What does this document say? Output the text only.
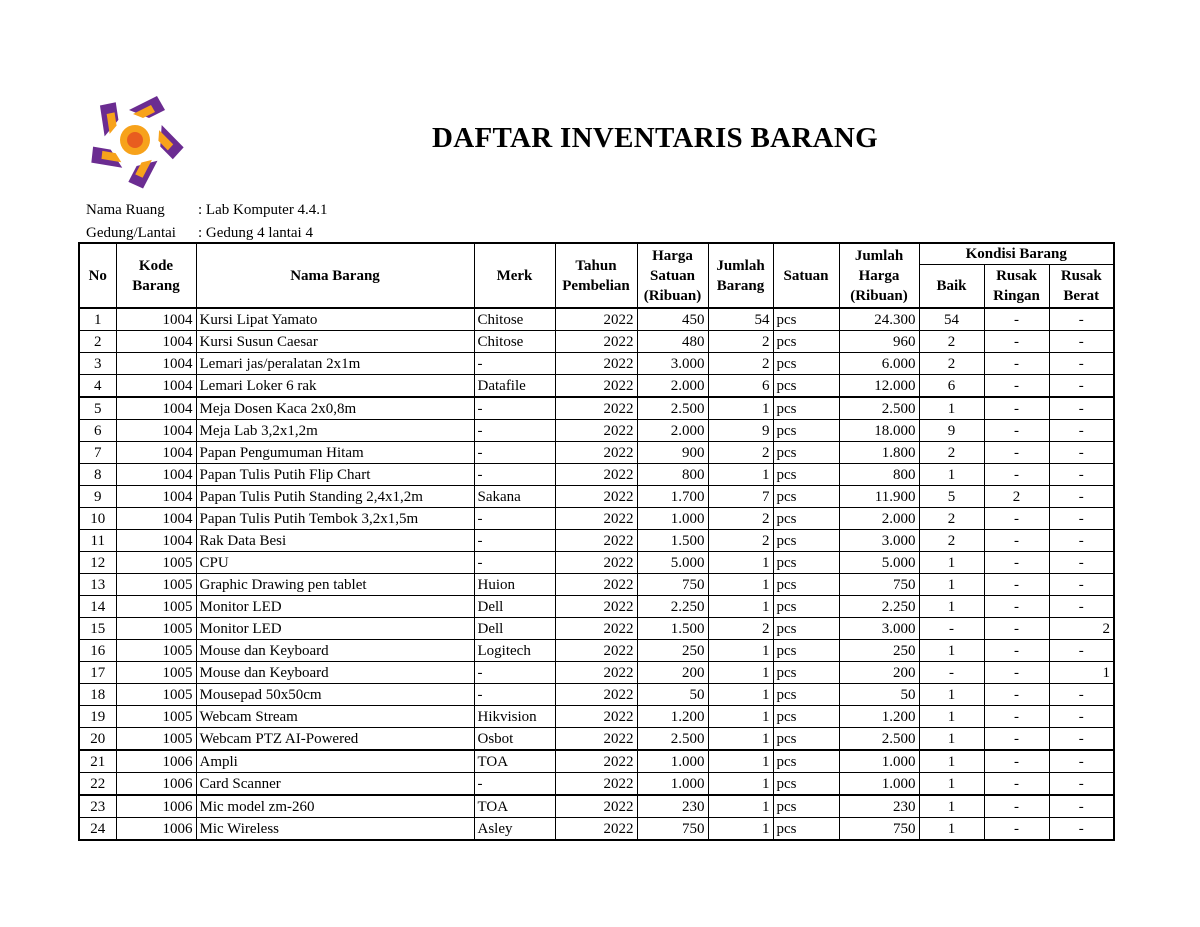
DAFTAR INVENTARIS BARANG
Nama Ruang : Lab Komputer 4.4.1
Gedung/Lantai : Gedung 4 lantai 4
No	Kode Barang	Nama Barang	Merk	Tahun Pembelian	Harga Satuan (Ribuan)	Jumlah Barang	Satuan	Jumlah Harga (Ribuan)	Kondisi Barang		
									Baik	Rusak Ringan	Rusak Berat
1	1004	Kursi Lipat Yamato	Chitose	2022	450	54	pcs	24.300	54	-	-
2	1004	Kursi Susun Caesar	Chitose	2022	480	2	pcs	960	2	-	-
3	1004	Lemari jas/peralatan 2x1m	-	2022	3.000	2	pcs	6.000	2	-	-
4	1004	Lemari Loker 6 rak	Datafile	2022	2.000	6	pcs	12.000	6	-	-
5	1004	Meja Dosen Kaca 2x0,8m	-	2022	2.500	1	pcs	2.500	1	-	-
6	1004	Meja Lab 3,2x1,2m	-	2022	2.000	9	pcs	18.000	9	-	-
7	1004	Papan Pengumuman Hitam	-	2022	900	2	pcs	1.800	2	-	-
8	1004	Papan Tulis Putih Flip Chart	-	2022	800	1	pcs	800	1	-	-
9	1004	Papan Tulis Putih Standing 2,4x1,2m	Sakana	2022	1.700	7	pcs	11.900	5	2	-
10	1004	Papan Tulis Putih Tembok 3,2x1,5m	-	2022	1.000	2	pcs	2.000	2	-	-
11	1004	Rak Data Besi	-	2022	1.500	2	pcs	3.000	2	-	-
12	1005	CPU	-	2022	5.000	1	pcs	5.000	1	-	-
13	1005	Graphic Drawing pen tablet	Huion	2022	750	1	pcs	750	1	-	-
14	1005	Monitor LED	Dell	2022	2.250	1	pcs	2.250	1	-	-
15	1005	Monitor LED	Dell	2022	1.500	2	pcs	3.000	-	-	2
16	1005	Mouse dan Keyboard	Logitech	2022	250	1	pcs	250	1	-	-
17	1005	Mouse dan Keyboard	-	2022	200	1	pcs	200	-	-	1
18	1005	Mousepad 50x50cm	-	2022	50	1	pcs	50	1	-	-
19	1005	Webcam Stream	Hikvision	2022	1.200	1	pcs	1.200	1	-	-
20	1005	Webcam PTZ AI-Powered	Osbot	2022	2.500	1	pcs	2.500	1	-	-
21	1006	Ampli	TOA	2022	1.000	1	pcs	1.000	1	-	-
22	1006	Card Scanner	-	2022	1.000	1	pcs	1.000	1	-	-
23	1006	Mic model zm-260	TOA	2022	230	1	pcs	230	1	-	-
24	1006	Mic Wireless	Asley	2022	750	1	pcs	750	1	-	-
